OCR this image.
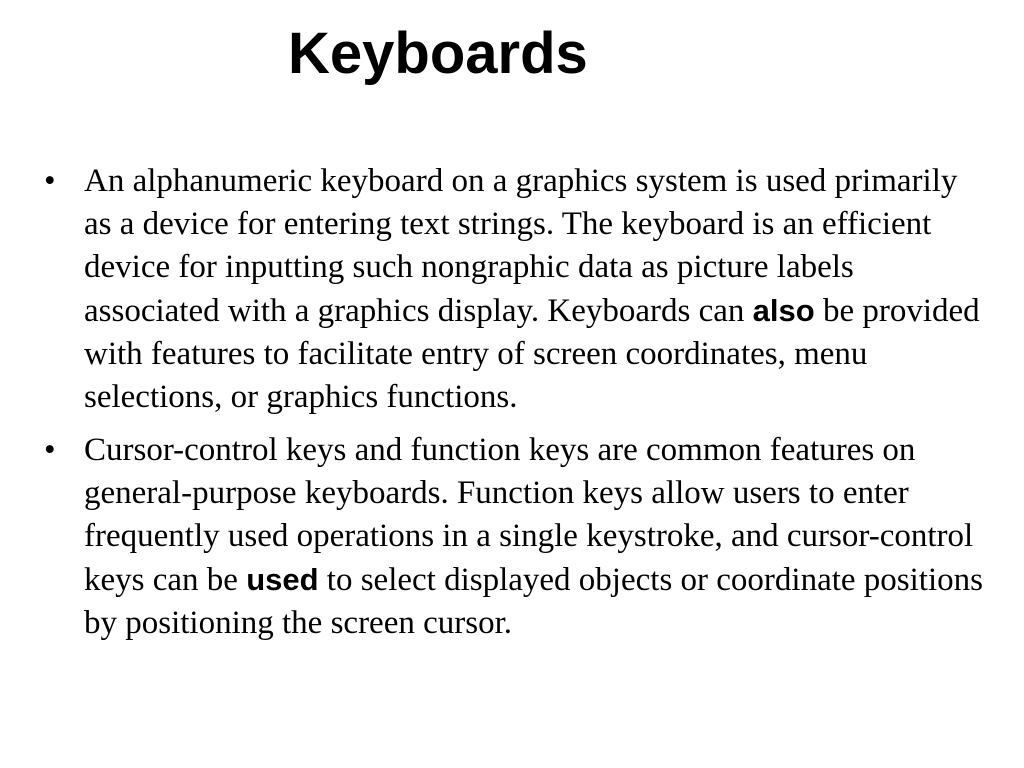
Keyboards
• An alphanumeric keyboard on a graphics system is used primarily as a device for entering text strings. The keyboard is an efficient device for inputting such nongraphic data as picture labels associated with a graphics display. Keyboards can also be provided with features to facilitate entry of screen coordinates, menu selections, or graphics functions.
• Cursor-control keys and function keys are common features on general-purpose keyboards. Function keys allow users to enter frequently used operations in a single keystroke, and cursor-control keys can be used to select displayed objects or coordinate positions by positioning the screen cursor.
